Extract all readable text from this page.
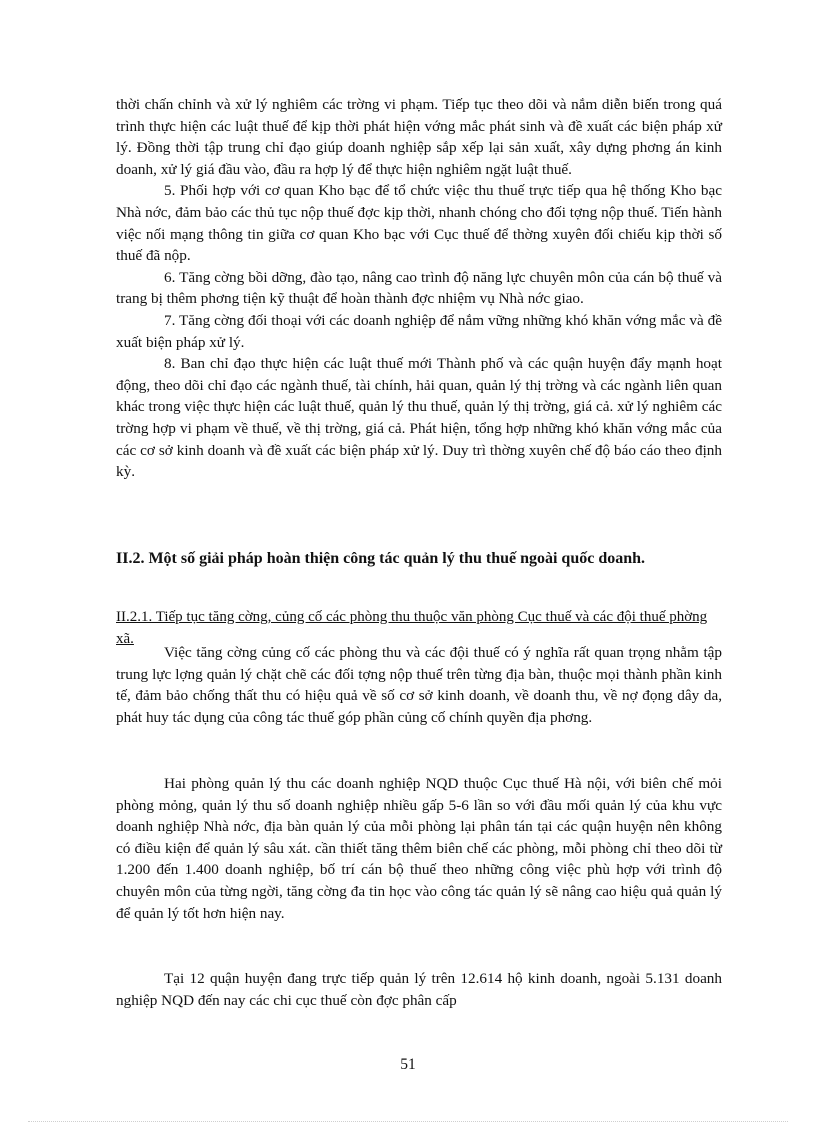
thời chấn chỉnh và xử lý nghiêm các trờng vi phạm. Tiếp tục theo dõi và nắm diễn biến trong quá trình thực hiện các luật thuế để kịp thời phát hiện vớng mắc phát sinh và đề xuất các biện pháp xử lý. Đồng thời tập trung chỉ đạo giúp doanh nghiệp sắp xếp lại sản xuất, xây dựng phơng án kinh doanh, xử lý giá đầu vào, đầu ra hợp lý để thực hiện nghiêm ngặt luật thuế.

5. Phối hợp với cơ quan Kho bạc để tổ chức việc thu thuế trực tiếp qua hệ thống Kho bạc Nhà nớc, đảm bảo các thủ tục nộp thuế đợc kịp thời, nhanh chóng cho đối tợng nộp thuế. Tiến hành việc nối mạng thông tin giữa cơ quan Kho bạc với Cục thuế để thờng xuyên đối chiếu kịp thời số thuế đã nộp.

6. Tăng cờng bồi dỡng, đào tạo, nâng cao trình độ năng lực chuyên môn của cán bộ thuế và trang bị thêm phơng tiện kỹ thuật để hoàn thành đợc nhiệm vụ Nhà nớc giao.

7. Tăng cờng đối thoại với các doanh nghiệp để nắm vững những khó khăn vớng mắc và đề xuất biện pháp xử lý.

8. Ban chỉ đạo thực hiện các luật thuế mới Thành phố và các quận huyện đẩy mạnh hoạt động, theo dõi chỉ đạo các ngành thuế, tài chính, hải quan, quản lý thị trờng và các ngành liên quan khác trong việc thực hiện các luật thuế, quản lý thu thuế, quản lý thị trờng, giá cả. xử lý nghiêm các trờng hợp vi phạm về thuế, về thị trờng, giá cả. Phát hiện, tổng hợp những khó khăn vớng mắc của các cơ sở kinh doanh và đề xuất các biện pháp xử lý. Duy trì thờng xuyên chế độ báo cáo theo định kỳ.

II.2. Một số giải pháp hoàn thiện công tác quản lý thu thuế ngoài quốc doanh.

II.2.1. Tiếp tục tăng cờng, củng cố các phòng thu thuộc văn phòng Cục thuế và các đội thuế phờng xã.

Việc tăng cờng củng cố các phòng thu và các đội thuế có ý nghĩa rất quan trọng nhằm tập trung lực lợng quản lý chặt chẽ các đối tợng nộp thuế trên từng địa bàn, thuộc mọi thành phần kinh tế, đảm bảo chống thất thu có hiệu quả về số cơ sở kinh doanh, về doanh thu, về nợ đọng dây da, phát huy tác dụng của công tác thuế góp phần củng cố chính quyền địa phơng.

Hai phòng quản lý thu các doanh nghiệp NQD thuộc Cục thuế Hà nội, với biên chế mỏi phòng mỏng, quản lý thu số doanh nghiệp nhiều gấp 5-6 lần so với đầu mối quản lý của khu vực doanh nghiệp Nhà nớc, địa bàn quản lý của mỗi phòng lại phân tán tại các quận huyện nên không có điều kiện để quản lý sâu xát. cần thiết tăng thêm biên chế các phòng, mỗi phòng chỉ theo dõi từ 1.200 đến 1.400 doanh nghiệp, bố trí cán bộ thuế theo những công việc phù hợp với trình độ chuyên môn của từng ngời, tăng cờng đa tin học vào công tác quản lý sẽ nâng cao hiệu quả quản lý để quản lý tốt hơn hiện nay.

Tại 12 quận huyện đang trực tiếp quản lý trên 12.614 hộ kinh doanh, ngoài 5.131 doanh nghiệp NQD đến nay các chi cục thuế còn đợc phân cấp

51
